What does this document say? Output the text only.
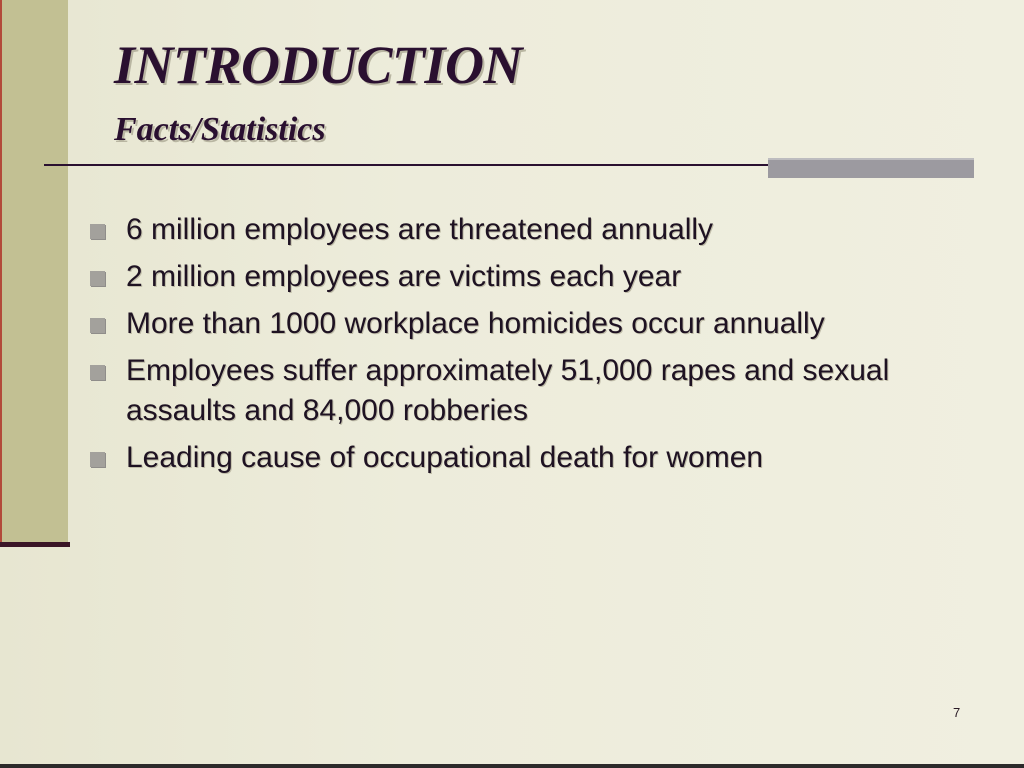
INTRODUCTION
Facts/Statistics
6 million employees are threatened annually
2 million employees are victims each year
More than 1000 workplace homicides occur annually
Employees suffer approximately 51,000 rapes and sexual assaults and 84,000 robberies
Leading cause of occupational death for women
7
